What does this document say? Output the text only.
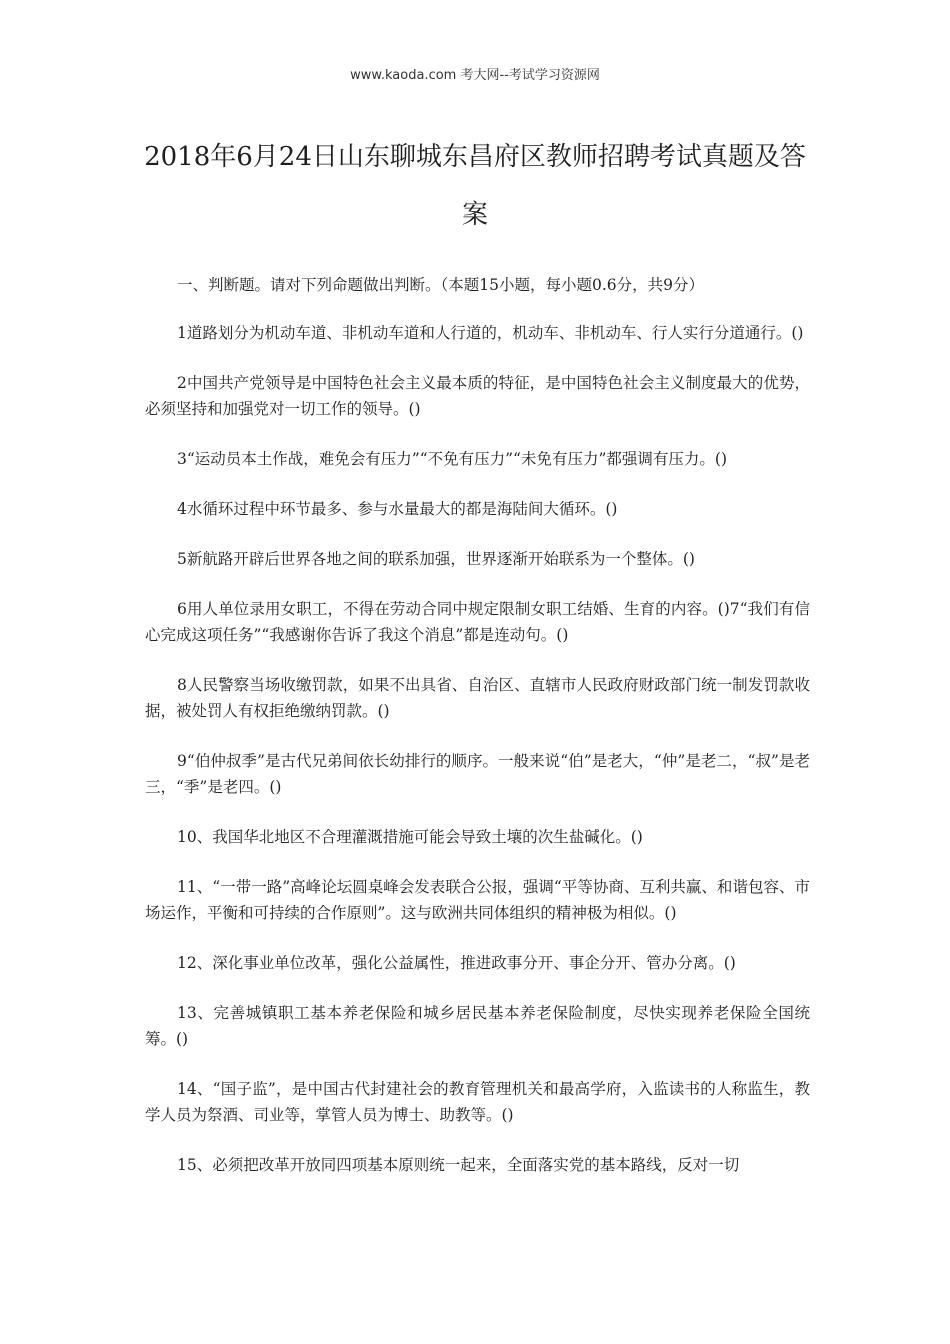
www.kaoda.com 考大网--考试学习资源网
2018年6月24日山东聊城东昌府区教师招聘考试真题及答案

一、判断题。请对下列命题做出判断。（本题15小题，每小题0.6分，共9分）

1道路划分为机动车道、非机动车道和人行道的，机动车、非机动车、行人实行分道通行。()

2中国共产党领导是中国特色社会主义最本质的特征，是中国特色社会主义制度最大的优势，必须坚持和加强党对一切工作的领导。()

3“运动员本土作战，难免会有压力”“不免有压力”“未免有压力”都强调有压力。()

4水循环过程中环节最多、参与水量最大的都是海陆间大循环。()

5新航路开辟后世界各地之间的联系加强，世界逐渐开始联系为一个整体。()

6用人单位录用女职工，不得在劳动合同中规定限制女职工结婚、生育的内容。()7“我们有信心完成这项任务”“我感谢你告诉了我这个消息”都是连动句。()

8人民警察当场收缴罚款，如果不出具省、自治区、直辖市人民政府财政部门统一制发罚款收据，被处罚人有权拒绝缴纳罚款。()

9“伯仲叔季”是古代兄弟间依长幼排行的顺序。一般来说“伯”是老大，“仲”是老二，“叔”是老三，“季”是老四。()

10、我国华北地区不合理灌溉措施可能会导致土壤的次生盐碱化。()

11、“一带一路”高峰论坛圆桌峰会发表联合公报，强调“平等协商、互利共赢、和谐包容、市场运作，平衡和可持续的合作原则”。这与欧洲共同体组织的精神极为相似。()

12、深化事业单位改革，强化公益属性，推进政事分开、事企分开、管办分离。()

13、完善城镇职工基本养老保险和城乡居民基本养老保险制度，尽快实现养老保险全国统筹。()

14、“国子监”，是中国古代封建社会的教育管理机关和最高学府，入监读书的人称监生，教学人员为祭酒、司业等，掌管人员为博士、助教等。()

15、必须把改革开放同四项基本原则统一起来，全面落实党的基本路线，反对一切
